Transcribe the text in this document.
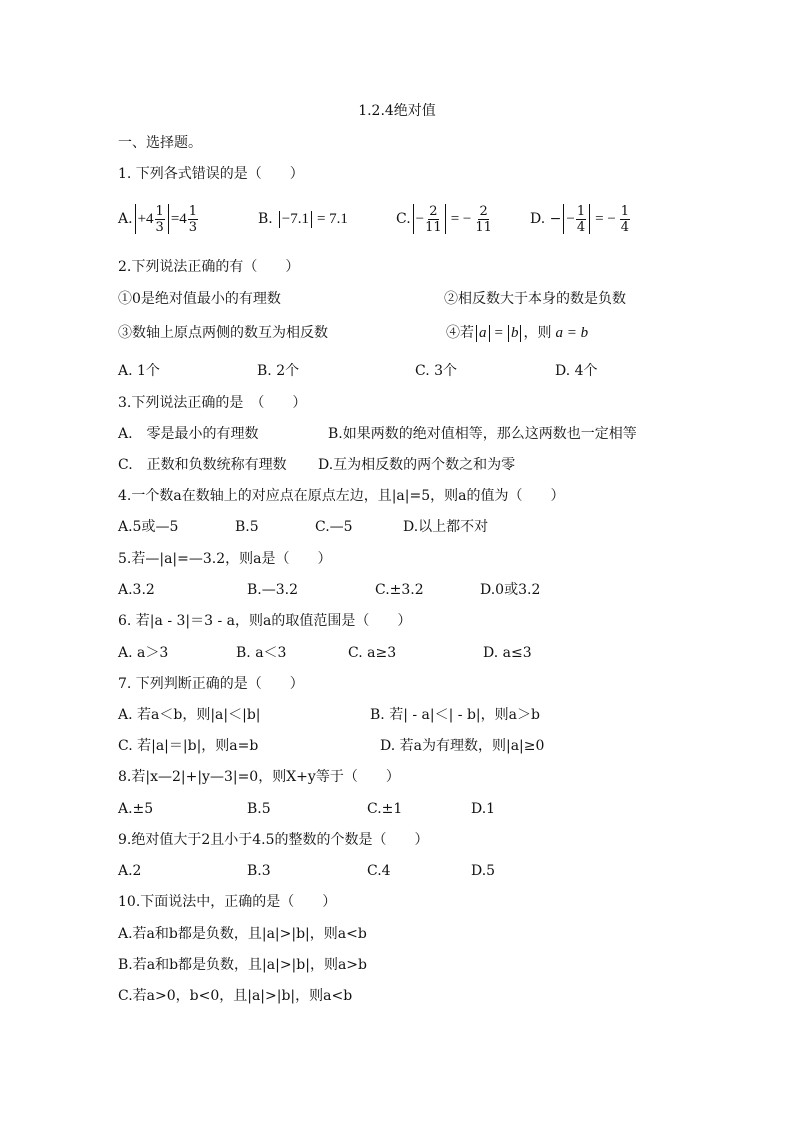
1.2.4绝对值
一、选择题。
1. 下列各式错误的是（　　）
A. $+4 \frac{1}{3} =4 \frac{1}{3}$	B. −7.1 = 7.1	C. − $\frac{2}{11}$ = − $\frac{2}{11}$	D. − − $\frac{1}{4}$ = − $\frac{1}{4}$
2.下列说法正确的有（　　）
①0是绝对值最小的有理数	②相反数大于本身的数是负数
③数轴上原点两侧的数互为相反数	④若 a = b ，则 a = b
A. 1个	B. 2个	C. 3个	D. 4个
3.下列说法正确的是　（　　）
A.　零是最小的有理数	B.如果两数的绝对值相等，那么这两数也一定相等
C.　正数和负数统称有理数 D.互为相反数的两个数之和为零
4.一个数a在数轴上的对应点在原点左边，且|a|=5，则a的值为（　　）
A.5或—5	B.5	C.—5	D.以上都不对
5.若—|a|=—3.2，则a是（　　）
A.3.2	B.—3.2	C.±3.2	D.0或3.2
6. 若|a - 3|＝3 - a，则a的取值范围是（　　）
A. a＞3	B. a＜3	C. a≥3	D. a≤3
7. 下列判断正确的是（　　）
A. 若a＜b，则|a|＜|b|	B. 若| - a|＜| - b|，则a＞b
C. 若|a|＝|b|，则a=b	D. 若a为有理数，则|a|≥0
8.若|x—2|+|y—3|=0，则X+y等于（　　）
A.±5	B.5	C.±1	D.1
9.绝对值大于2且小于4.5的整数的个数是（　　）
A.2	B.3	C.4	D.5
10.下面说法中，正确的是（　　）
A.若a和b都是负数，且|a|>|b|，则a<b
B.若a和b都是负数，且|a|>|b|，则a>b
C.若a>0，b<0，且|a|>|b|，则a<b
